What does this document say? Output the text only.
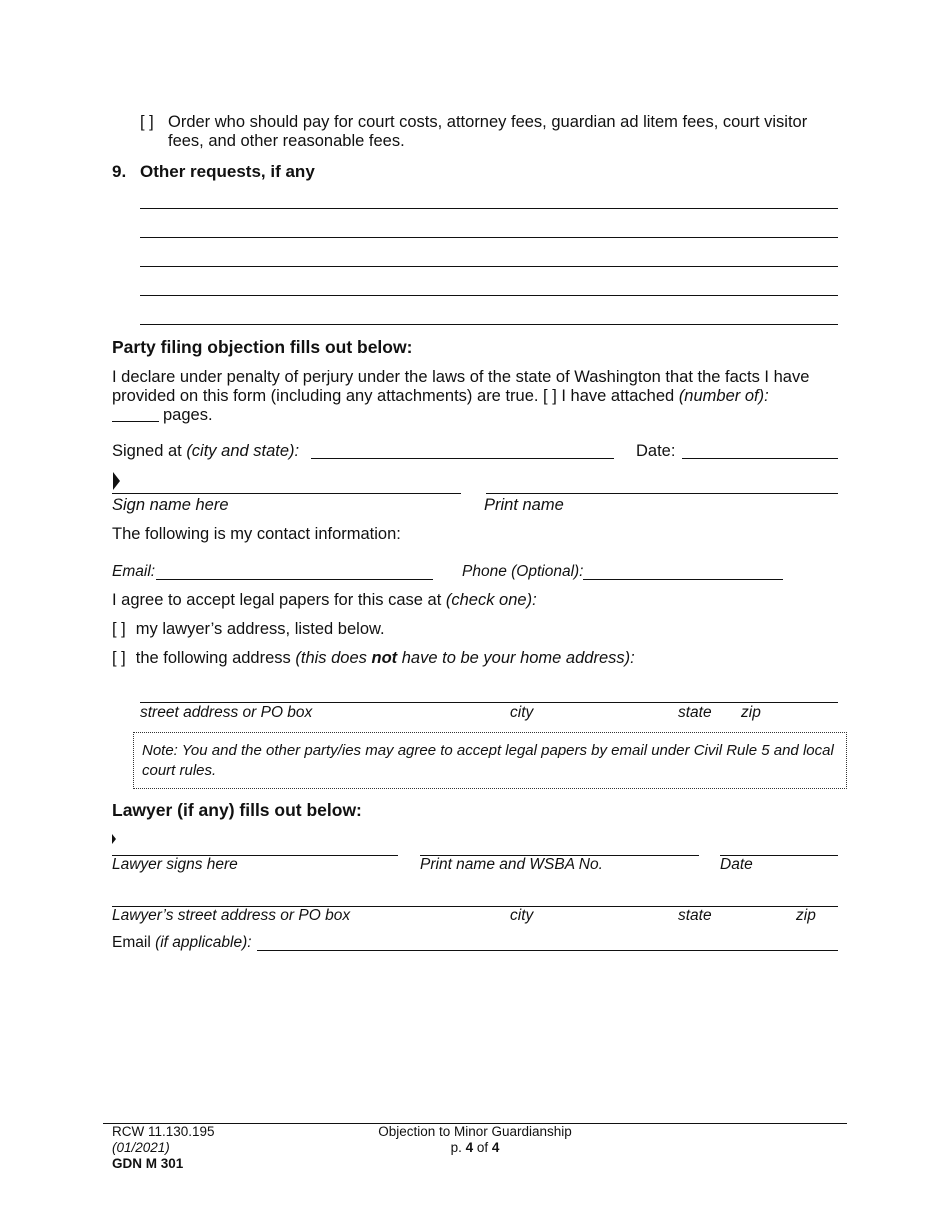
[ ] Order who should pay for court costs, attorney fees, guardian ad litem fees, court visitor
fees, and other reasonable fees.
9. Other requests, if any
Party filing objection fills out below:
I declare under penalty of perjury under the laws of the state of Washington that the facts I have
provided on this form (including any attachments) are true. [ ] I have attached (number of):
pages.
Signed at (city and state):	Date:
Sign name here	Print name
The following is my contact information:
Email:	Phone (Optional):
I agree to accept legal papers for this case at (check one):
[ ] my lawyer’s address, listed below.
[ ] the following address (this does not have to be your home address):
street address or PO box	city	state zip
Note: You and the other party/ies may agree to accept legal papers by email under Civil Rule 5 and local court rules.
Lawyer (if any) fills out below:
Lawyer signs here	Print name and WSBA No.	Date
Lawyer’s street address or PO box	city	state	zip
Email (if applicable):
RCW 11.130.195
(01/2021)
GDN M 301
Objection to Minor Guardianship
p. 4 of 4
